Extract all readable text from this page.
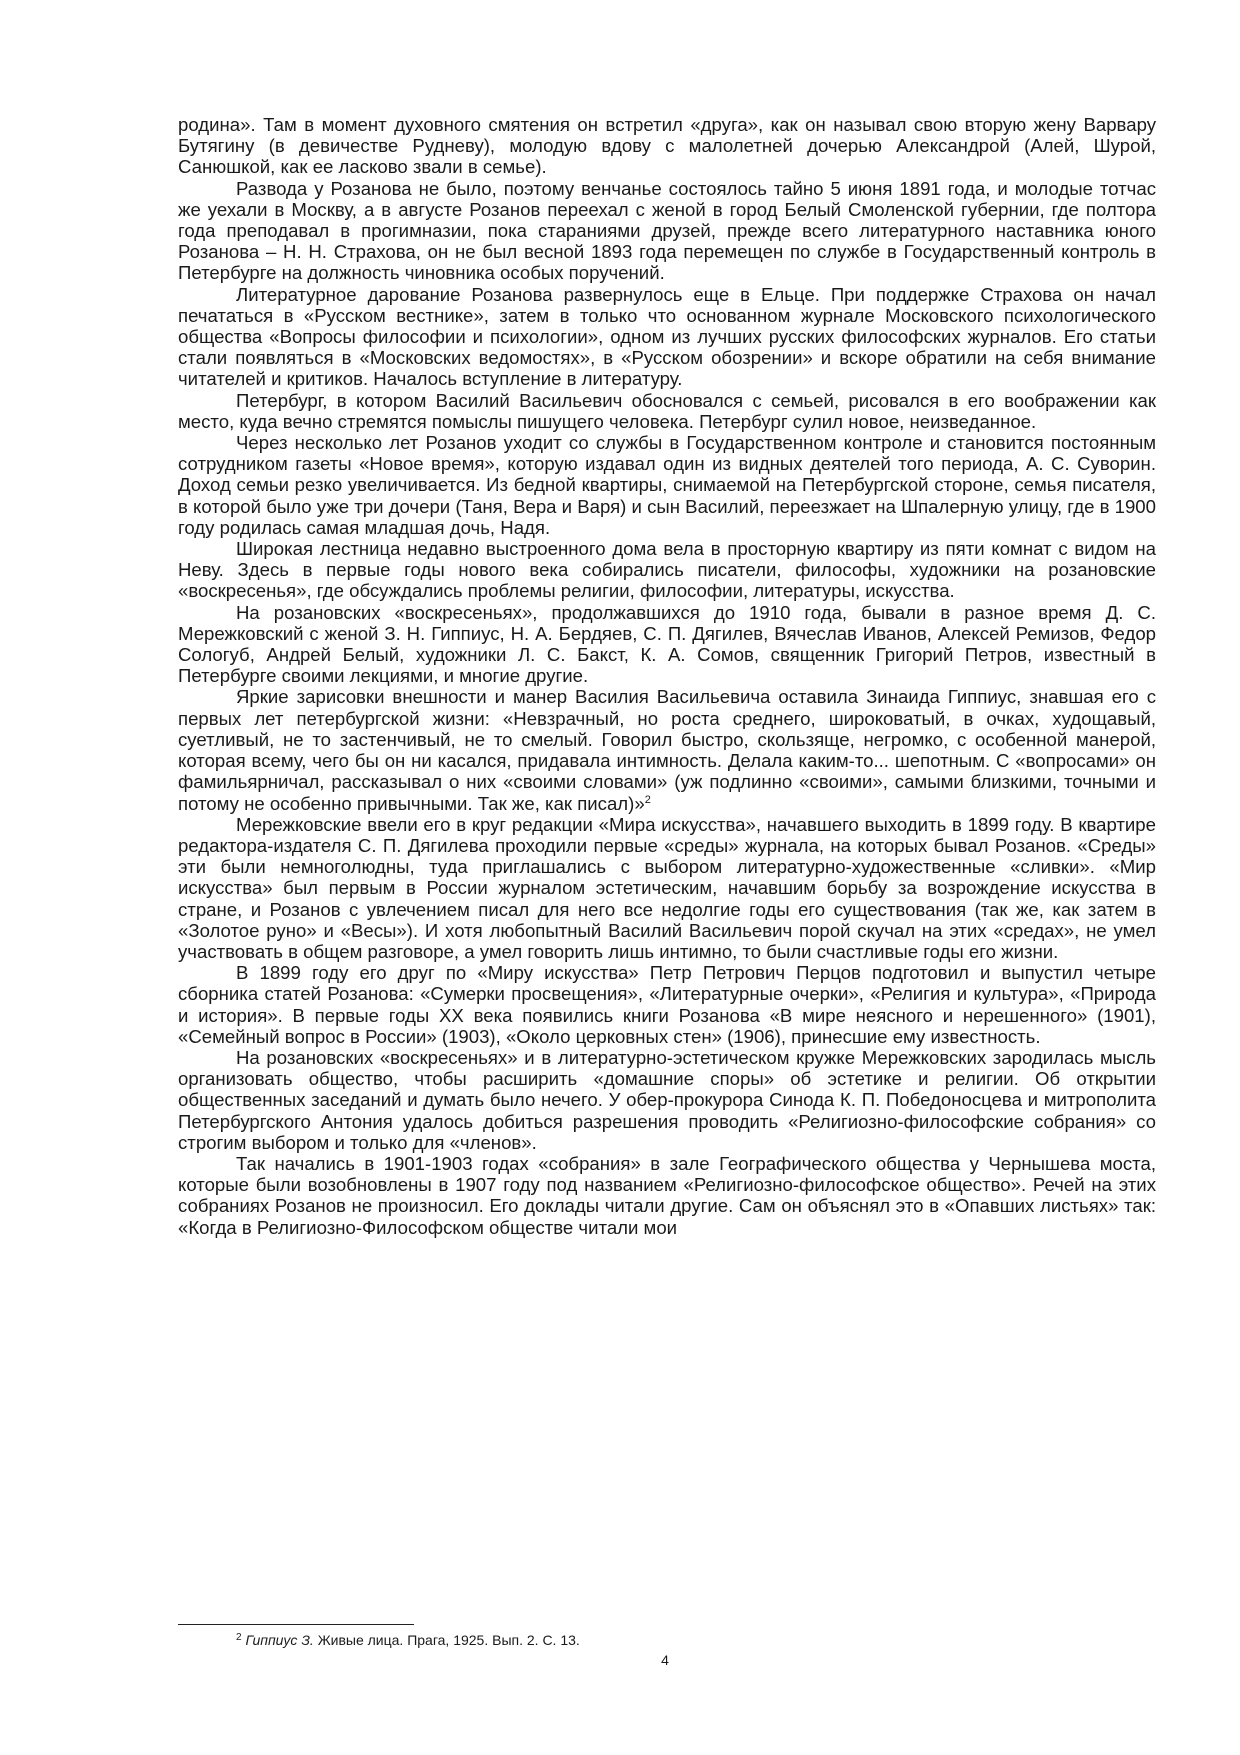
родина». Там в момент духовного смятения он встретил «друга», как он называл свою вторую жену Варвару Бутягину (в девичестве Рудневу), молодую вдову с малолетней дочерью Александрой (Алей, Шурой, Санюшкой, как ее ласково звали в семье).

Развода у Розанова не было, поэтому венчанье состоялось тайно 5 июня 1891 года, и молодые тотчас же уехали в Москву, а в августе Розанов переехал с женой в город Белый Смоленской губернии, где полтора года преподавал в прогимназии, пока стараниями друзей, прежде всего литературного наставника юного Розанова – Н. Н. Страхова, он не был весной 1893 года перемещен по службе в Государственный контроль в Петербурге на должность чиновника особых поручений.

Литературное дарование Розанова развернулось еще в Ельце. При поддержке Страхова он начал печататься в «Русском вестнике», затем в только что основанном журнале Московского психологического общества «Вопросы философии и психологии», одном из лучших русских философских журналов. Его статьи стали появляться в «Московских ведомостях», в «Русском обозрении» и вскоре обратили на себя внимание читателей и критиков. Началось вступление в литературу.

Петербург, в котором Василий Васильевич обосновался с семьей, рисовался в его воображении как место, куда вечно стремятся помыслы пишущего человека. Петербург сулил новое, неизведанное.

Через несколько лет Розанов уходит со службы в Государственном контроле и становится постоянным сотрудником газеты «Новое время», которую издавал один из видных деятелей того периода, А. С. Суворин. Доход семьи резко увеличивается. Из бедной квартиры, снимаемой на Петербургской стороне, семья писателя, в которой было уже три дочери (Таня, Вера и Варя) и сын Василий, переезжает на Шпалерную улицу, где в 1900 году родилась самая младшая дочь, Надя.

Широкая лестница недавно выстроенного дома вела в просторную квартиру из пяти комнат с видом на Неву. Здесь в первые годы нового века собирались писатели, философы, художники на розановские «воскресенья», где обсуждались проблемы религии, философии, литературы, искусства.

На розановских «воскресеньях», продолжавшихся до 1910 года, бывали в разное время Д. С. Мережковский с женой З. Н. Гиппиус, Н. А. Бердяев, С. П. Дягилев, Вячеслав Иванов, Алексей Ремизов, Федор Сологуб, Андрей Белый, художники Л. С. Бакст, К. А. Сомов, священник Григорий Петров, известный в Петербурге своими лекциями, и многие другие.

Яркие зарисовки внешности и манер Василия Васильевича оставила Зинаида Гиппиус, знавшая его с первых лет петербургской жизни: «Невзрачный, но роста среднего, широковатый, в очках, худощавый, суетливый, не то застенчивый, не то смелый. Говорил быстро, скользяще, негромко, с особенной манерой, которая всему, чего бы он ни касался, придавала интимность. Делала каким-то... шепотным. С «вопросами» он фамильярничал, рассказывал о них «своими словами» (уж подлинно «своими», самыми близкими, точными и потому не особенно привычными. Так же, как писал)»$^2$

Мережковские ввели его в круг редакции «Мира искусства», начавшего выходить в 1899 году. В квартире редактора-издателя С. П. Дягилева проходили первые «среды» журнала, на которых бывал Розанов. «Среды» эти были немноголюдны, туда приглашались с выбором литературно-художественные «сливки». «Мир искусства» был первым в России журналом эстетическим, начавшим борьбу за возрождение искусства в стране, и Розанов с увлечением писал для него все недолгие годы его существования (так же, как затем в «Золотое руно» и «Весы»). И хотя любопытный Василий Васильевич порой скучал на этих «средах», не умел участвовать в общем разговоре, а умел говорить лишь интимно, то были счастливые годы его жизни.

В 1899 году его друг по «Миру искусства» Петр Петрович Перцов подготовил и выпустил четыре сборника статей Розанова: «Сумерки просвещения», «Литературные очерки», «Религия и культура», «Природа и история». В первые годы XX века появились книги Розанова «В мире неясного и нерешенного» (1901), «Семейный вопрос в России» (1903), «Около церковных стен» (1906), принесшие ему известность.

На розановских «воскресеньях» и в литературно-эстетическом кружке Мережковских зародилась мысль организовать общество, чтобы расширить «домашние споры» об эстетике и религии. Об открытии общественных заседаний и думать было нечего. У обер-прокурора Синода К. П. Победоносцева и митрополита Петербургского Антония удалось добиться разрешения проводить «Религиозно-философские собрания» со строгим выбором и только для «членов».

Так начались в 1901-1903 годах «собрания» в зале Географического общества у Чернышева моста, которые были возобновлены в 1907 году под названием «Религиозно-философское общество». Речей на этих собраниях Розанов не произносил. Его доклады читали другие. Сам он объяснял это в «Опавших листьях» так: «Когда в Религиозно-Философском обществе читали мои

$^2$ Гиппиус З. Живые лица. Прага, 1925. Вып. 2. С. 13.
4
